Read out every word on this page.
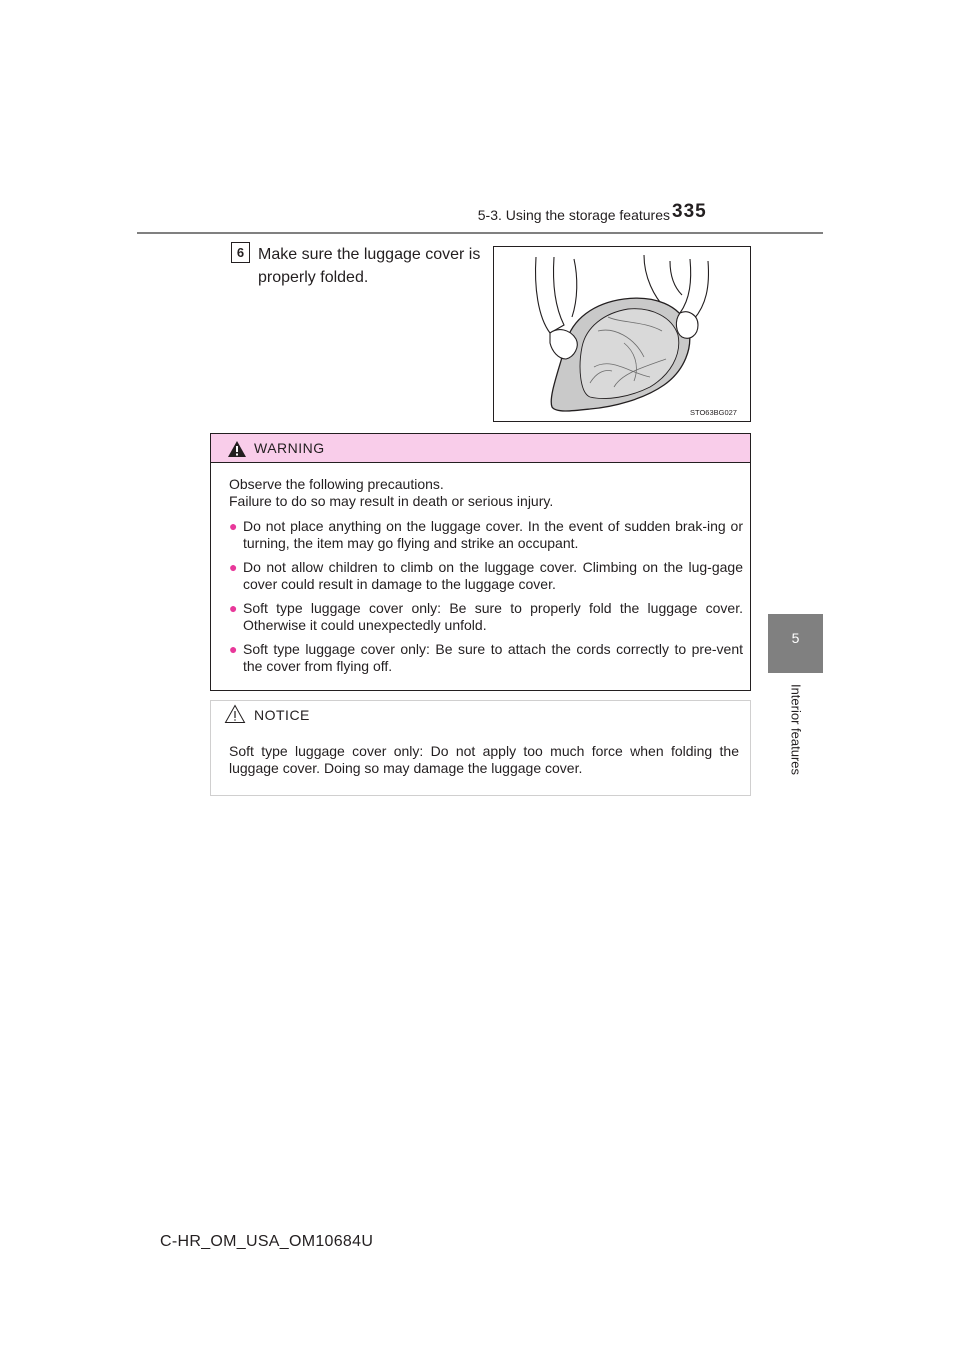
5-3. Using the storage features 335
5
Interior features
6 Make sure the luggage cover is properly folded.
STO63BG027
WARNING
Observe the following precautions.
Failure to do so may result in death or serious injury.
● Do not place anything on the luggage cover. In the event of sudden brak-ing or turning, the item may go flying and strike an occupant.
● Do not allow children to climb on the luggage cover. Climbing on the lug-gage cover could result in damage to the luggage cover.
● Soft type luggage cover only: Be sure to properly fold the luggage cover. Otherwise it could unexpectedly unfold.
● Soft type luggage cover only: Be sure to attach the cords correctly to pre-vent the cover from flying off.
NOTICE
Soft type luggage cover only: Do not apply too much force when folding the luggage cover. Doing so may damage the luggage cover.
C-HR_OM_USA_OM10684U
